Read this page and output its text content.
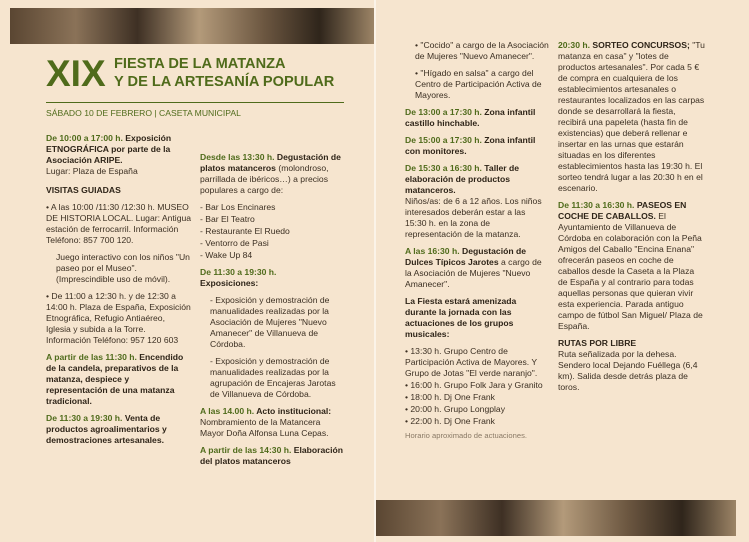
XIX FIESTA DE LA MATANZA
Y DE LA ARTESANÍA POPULAR
SÁBADO 10 DE FEBRERO | CASETA MUNICIPAL

De 10:00 a 17:00 h. Exposición ETNOGRÁFICA por parte de la Asociación ARIPE.
Lugar: Plaza de España

VISITAS GUIADAS

• A las 10:00 /11:30 /12:30 h. MUSEO DE HISTORIA LOCAL. Lugar: Antigua estación de ferrocarril. Información Teléfono: 857 700 120.

Juego interactivo con los niños "Un paseo por el Museo". (Imprescindible uso de móvil).

• De 11:00 a 12:30 h. y de 12:30 a 14:00 h. Plaza de España, Exposición Etnográfica, Refugio Antiaéreo, Iglesia y subida a la Torre. Información Teléfono: 957 120 603

A partir de las 11:30 h. Encendido de la candela, preparativos de la matanza, despiece y representación de una matanza tradicional.

De 11:30 a 19:30 h. Venta de productos agroalimentarios y demostraciones artesanales.

Desde las 13:30 h. Degustación de platos matanceros (molondroso, parrillada de ibéricos…) a precios populares a cargo de:

- Bar Los Encinares
- Bar El Teatro
- Restaurante El Ruedo
- Ventorro de Pasi
- Wake Up 84

De 11:30 a 19:30 h.
Exposiciones:

- Exposición y demostración de manualidades realizadas por la Asociación de Mujeres "Nuevo Amanecer" de Villanueva de Córdoba.

- Exposición y demostración de manualidades realizadas por la agrupación de Encajeras Jarotas de Villanueva de Córdoba.

A las 14.00 h. Acto institucional:
Nombramiento de la Matancera Mayor Doña Alfonsa Luna Cepas.

A partir de las 14:30 h. Elaboración del platos matanceros

• "Cocido" a cargo de la Asociación de Mujeres "Nuevo Amanecer".

• "Hígado en salsa" a cargo del Centro de Participación Activa de Mayores.

De 13:00 a 17:30 h. Zona infantil castillo hinchable.

De 15:00 a 17:30 h. Zona infantil con monitores.

De 15:30 a 16:30 h. Taller de elaboración de productos matanceros.
Niños/as: de 6 a 12 años. Los niños interesados deberán estar a las 15:30 h. en la zona de representación de la matanza.

A las 16:30 h. Degustación de Dulces Típicos Jarotes a cargo de la Asociación de Mujeres "Nuevo Amanecer".

La Fiesta estará amenizada durante la jornada con las actuaciones de los grupos musicales:

• 13:30 h. Grupo Centro de Participación Activa de Mayores. Y Grupo de Jotas "El verde naranjo".
• 16:00 h. Grupo Folk Jara y Granito
• 18:00 h. Dj One Frank
• 20:00 h. Grupo Longplay
• 22:00 h. Dj One Frank

Horario aproximado de actuaciones.

20:30 h. SORTEO CONCURSOS; "Tu matanza en casa" y "lotes de productos artesanales". Por cada 5 € de compra en cualquiera de los establecimientos artesanales o restaurantes localizados en las carpas donde se desarrollará la fiesta, recibirá una papeleta (hasta fin de existencias) que deberá rellenar e insertar en las urnas que estarán situadas en los diferentes establecimientos hasta las 19:30 h. El sorteo tendrá lugar a las 20:30 h en el escenario.

De 11:30 a 16:30 h. PASEOS EN COCHE DE CABALLOS. El Ayuntamiento de Villanueva de Córdoba en colaboración con la Peña Amigos del Caballo "Encina Enana" ofrecerán paseos en coche de caballos desde la Caseta a la Plaza de España y al contrario para todas aquellas personas que quieran vivir esta experiencia. Parada antiguo campo de fútbol San Miguel/ Plaza de España.

RUTAS POR LIBRE
Ruta señalizada por la dehesa. Sendero local Dejando Fuéllega (6,4 km). Salida desde detrás plaza de toros.
